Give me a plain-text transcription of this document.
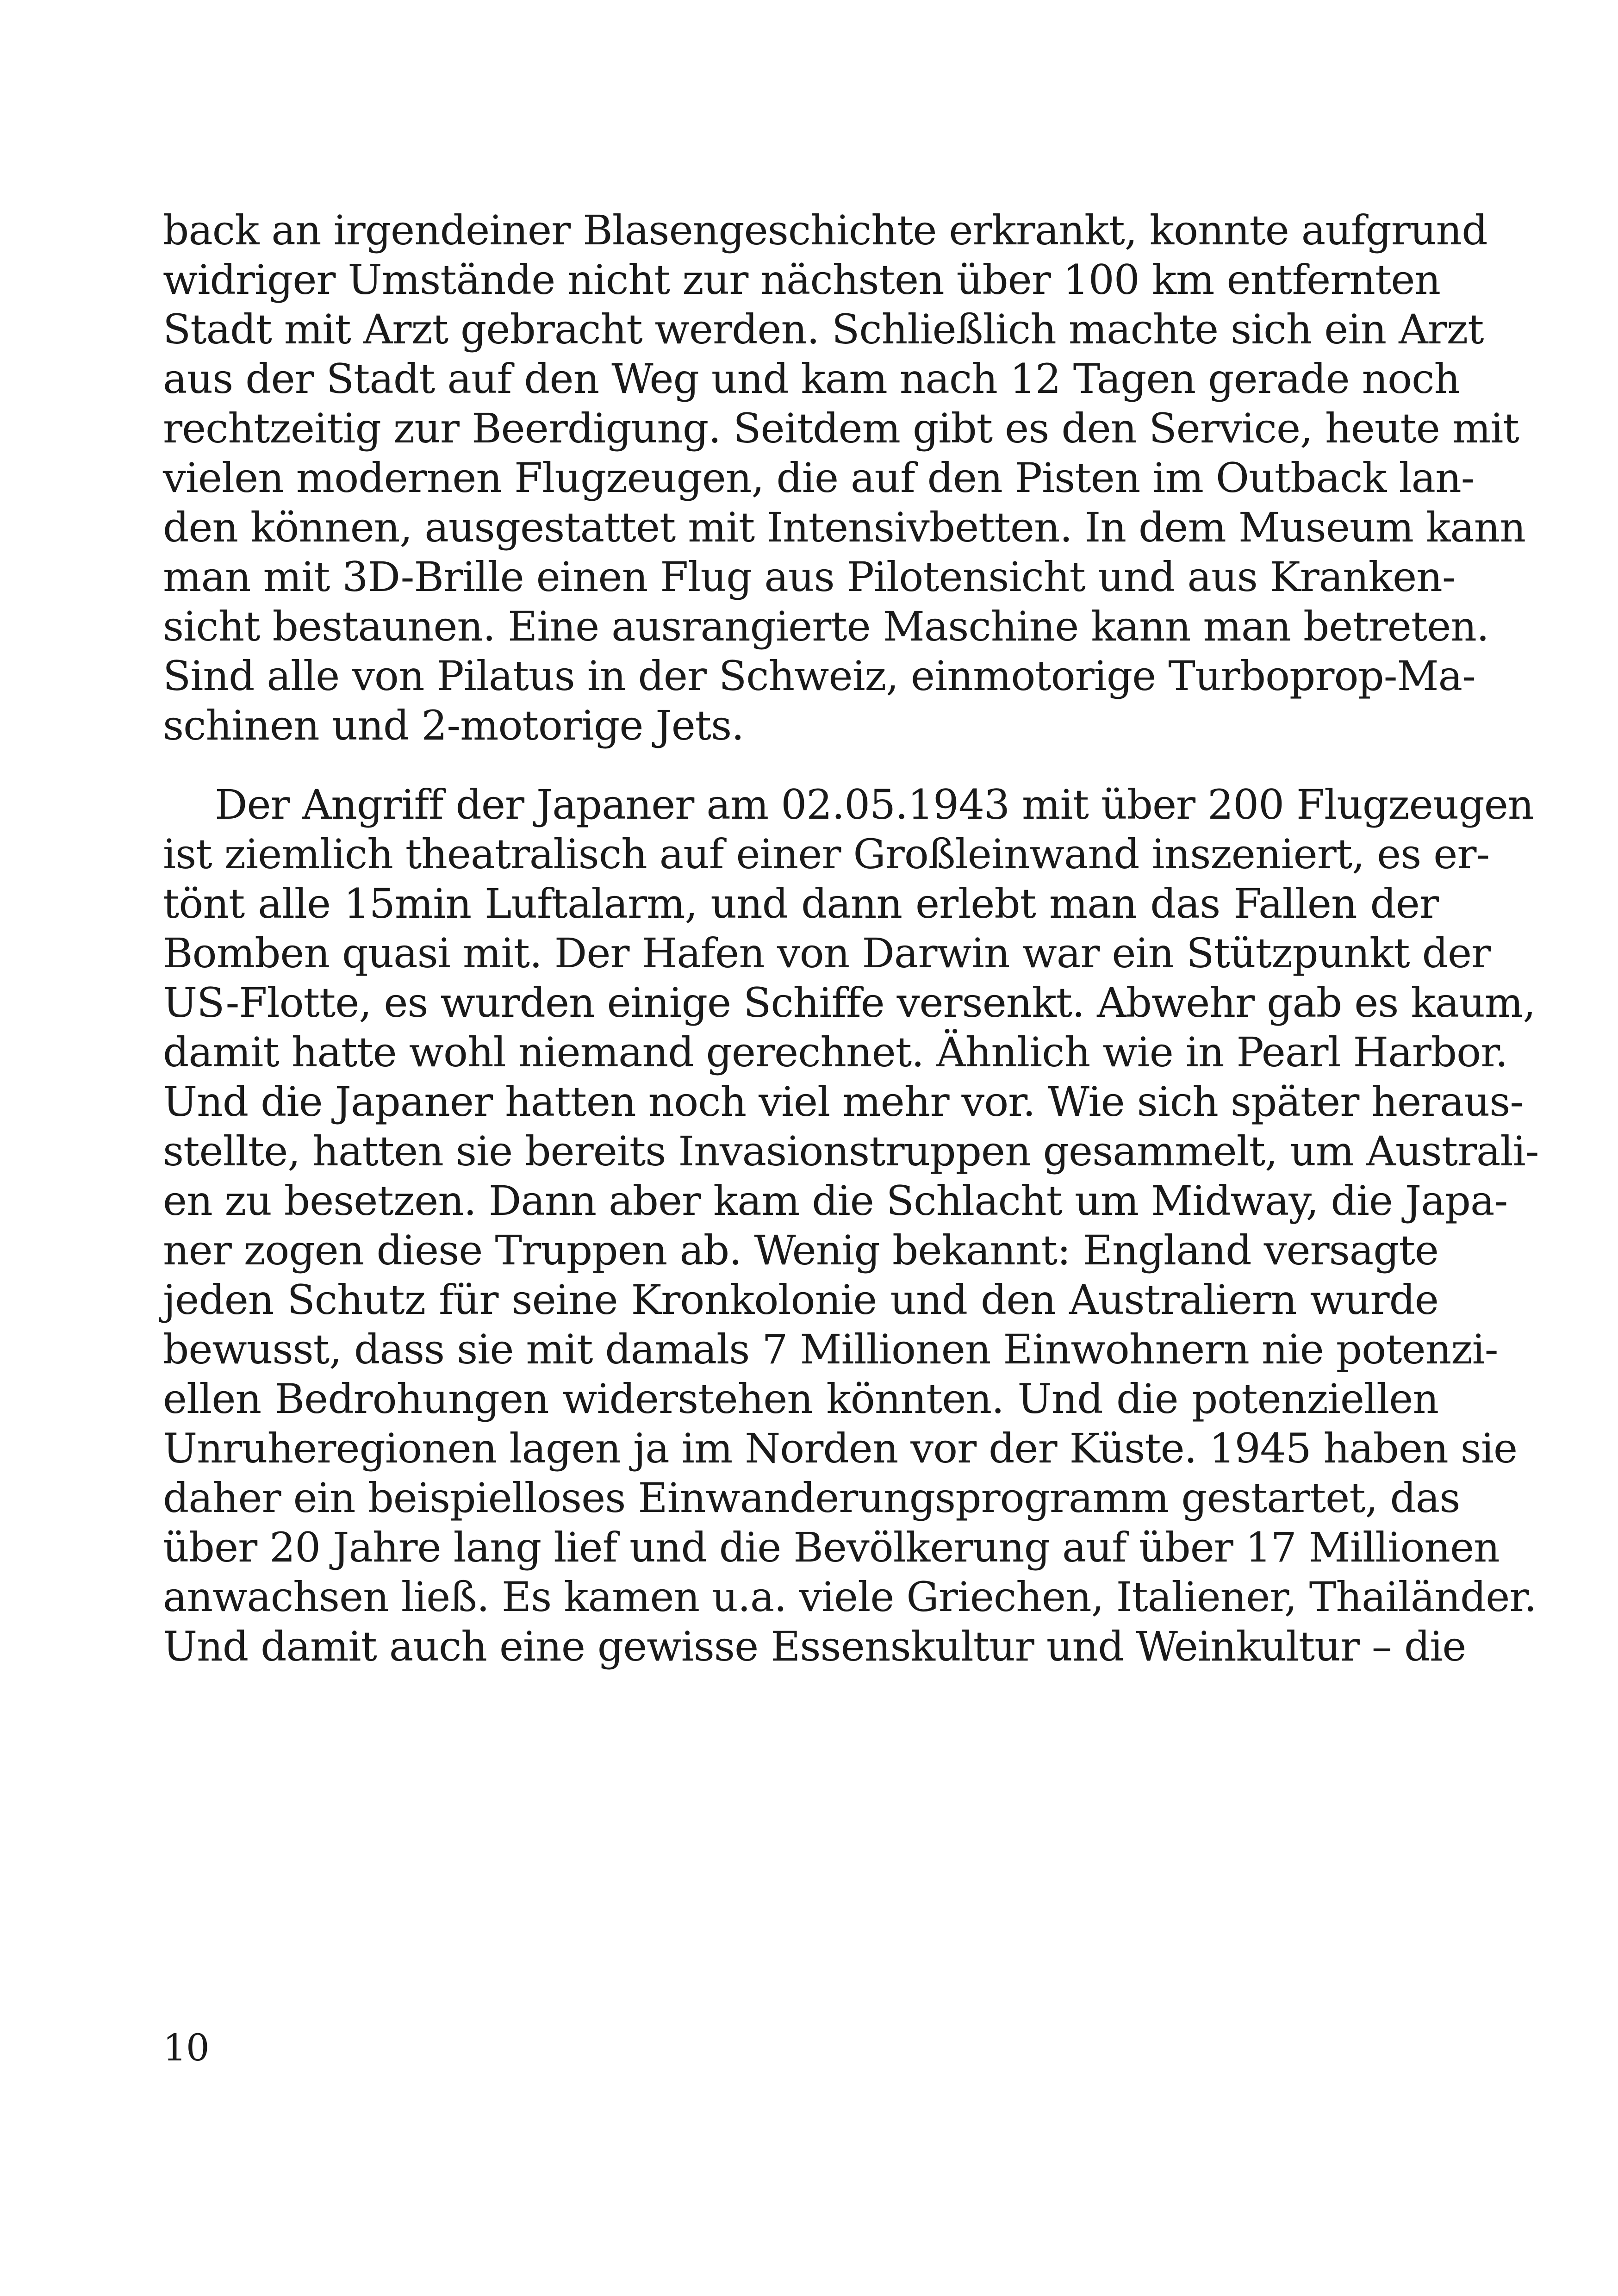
back an irgendeiner Blasengeschichte erkrankt, konnte aufgrund
widriger Umstände nicht zur nächsten über 100 km entfernten
Stadt mit Arzt gebracht werden. Schließlich machte sich ein Arzt
aus der Stadt auf den Weg und kam nach 12 Tagen gerade noch
rechtzeitig zur Beerdigung. Seitdem gibt es den Service, heute mit
vielen modernen Flugzeugen, die auf den Pisten im Outback lan-
den können, ausgestattet mit Intensivbetten. In dem Museum kann
man mit 3D-Brille einen Flug aus Pilotensicht und aus Kranken-
sicht bestaunen. Eine ausrangierte Maschine kann man betreten.
Sind alle von Pilatus in der Schweiz, einmotorige Turboprop-Ma-
schinen und 2-motorige Jets.
Der Angriff der Japaner am 02.05.1943 mit über 200 Flugzeugen
ist ziemlich theatralisch auf einer Großleinwand inszeniert, es er-
tönt alle 15min Luftalarm, und dann erlebt man das Fallen der
Bomben quasi mit. Der Hafen von Darwin war ein Stützpunkt der
US-Flotte, es wurden einige Schiffe versenkt. Abwehr gab es kaum,
damit hatte wohl niemand gerechnet. Ähnlich wie in Pearl Harbor.
Und die Japaner hatten noch viel mehr vor. Wie sich später heraus-
stellte, hatten sie bereits Invasionstruppen gesammelt, um Australi-
en zu besetzen. Dann aber kam die Schlacht um Midway, die Japa-
ner zogen diese Truppen ab. Wenig bekannt: England versagte
jeden Schutz für seine Kronkolonie und den Australiern wurde
bewusst, dass sie mit damals 7 Millionen Einwohnern nie potenzi-
ellen Bedrohungen widerstehen könnten. Und die potenziellen
Unruheregionen lagen ja im Norden vor der Küste. 1945 haben sie
daher ein beispielloses Einwanderungsprogramm gestartet, das
über 20 Jahre lang lief und die Bevölkerung auf über 17 Millionen
anwachsen ließ. Es kamen u.a. viele Griechen, Italiener, Thailänder.
Und damit auch eine gewisse Essenskultur und Weinkultur – die
10
